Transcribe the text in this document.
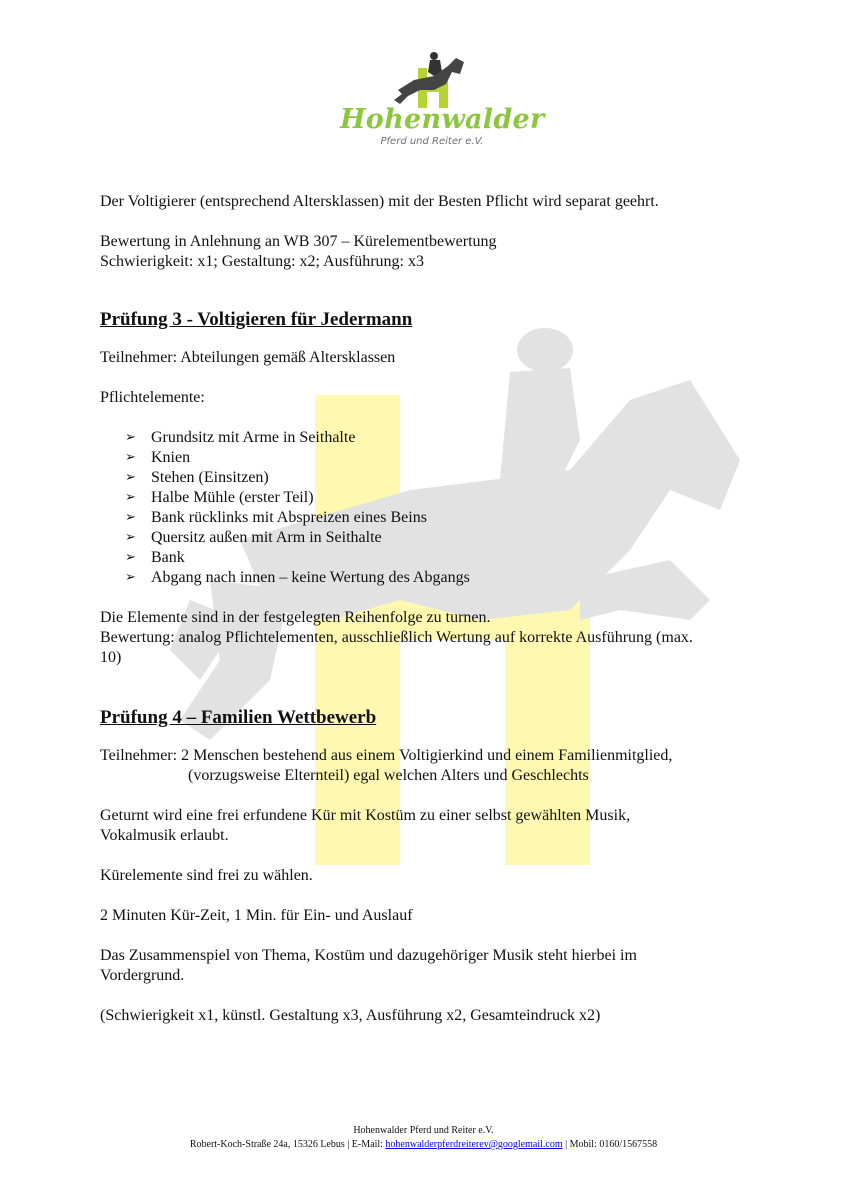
Hohenwalder
Pferd und Reiter e.V.

Der Voltigierer (entsprechend Altersklassen) mit der Besten Pflicht wird separat geehrt.

Bewertung in Anlehnung an WB 307 – Kürelementbewertung

Schwierigkeit: x1; Gestaltung: x2; Ausführung: x3

Prüfung 3 - Voltigieren für Jedermann

Teilnehmer: Abteilungen gemäß Altersklassen

Pflichtelemente:

➢ Grundsitz mit Arme in Seithalte
➢ Knien
➢ Stehen (Einsitzen)
➢ Halbe Mühle (erster Teil)
➢ Bank rücklinks mit Abspreizen eines Beins
➢ Quersitz außen mit Arm in Seithalte
➢ Bank
➢ Abgang nach innen – keine Wertung des Abgangs

Die Elemente sind in der festgelegten Reihenfolge zu turnen.

Bewertung: analog Pflichtelementen, ausschließlich Wertung auf korrekte Ausführung (max.

10)

Prüfung 4 – Familien Wettbewerb

Teilnehmer: 2 Menschen bestehend aus einem Voltigierkind und einem Familienmitglied,

(vorzugsweise Elternteil) egal welchen Alters und Geschlechts

Geturnt wird eine frei erfundene Kür mit Kostüm zu einer selbst gewählten Musik,

Vokalmusik erlaubt.

Kürelemente sind frei zu wählen.

2 Minuten Kür-Zeit, 1 Min. für Ein- und Auslauf

Das Zusammenspiel von Thema, Kostüm und dazugehöriger Musik steht hierbei im

Vordergrund.

(Schwierigkeit x1, künstl. Gestaltung x3, Ausführung x2, Gesamteindruck x2)

Hohenwalder Pferd und Reiter e.V.
Robert-Koch-Straße 24a, 15326 Lebus | E-Mail: hohenwalderpferdreiterev@googlemail.com | Mobil: 0160/1567558
